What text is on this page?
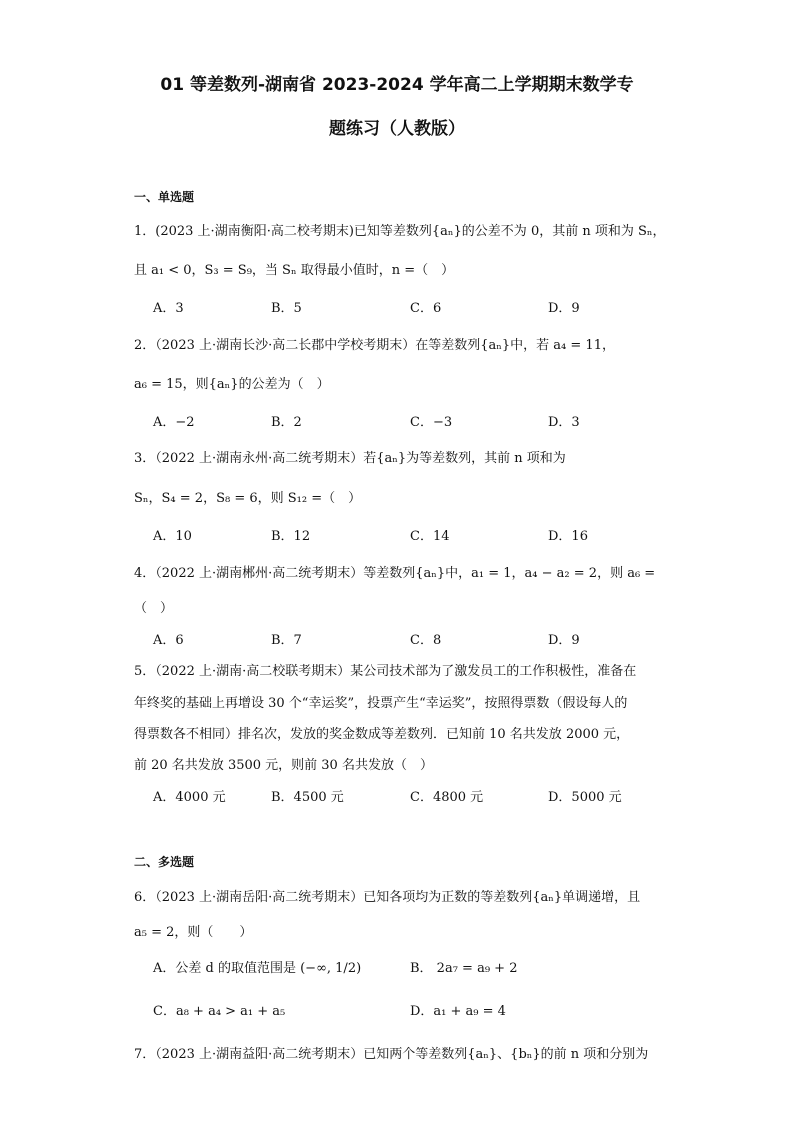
01 等差数列-湖南省 2023-2024 学年高二上学期期末数学专
题练习（人教版）
一、单选题
1．(2023 上·湖南衡阳·高二校考期末)已知等差数列{aₙ}的公差不为 0，其前 n 项和为 Sₙ，
且 a₁ < 0，S₃ = S₉，当 Sₙ 取得最小值时，n =（　）
A．3	B．5	C．6	D．9
2．（2023 上·湖南长沙·高二长郡中学校考期末）在等差数列{aₙ}中，若 a₄ = 11，
a₆ = 15，则{aₙ}的公差为（　）
A．−2	B．2	C．−3	D．3
3．（2022 上·湖南永州·高二统考期末）若{aₙ}为等差数列，其前 n 项和为
Sₙ，S₄ = 2，S₈ = 6，则 S₁₂ =（　）
A．10	B．12	C．14	D．16
4．（2022 上·湖南郴州·高二统考期末）等差数列{aₙ}中，a₁ = 1，a₄ − a₂ = 2，则 a₆ =
（　）
A．6	B．7	C．8	D．9
5．（2022 上·湖南·高二校联考期末）某公司技术部为了激发员工的工作积极性，准备在
年终奖的基础上再增设 30 个“幸运奖”，投票产生“幸运奖”，按照得票数（假设每人的
得票数各不相同）排名次，发放的奖金数成等差数列．已知前 10 名共发放 2000 元，
前 20 名共发放 3500 元，则前 30 名共发放（　）
A．4000 元	B．4500 元	C．4800 元	D．5000 元
二、多选题
6．（2023 上·湖南岳阳·高二统考期末）已知各项均为正数的等差数列{aₙ}单调递增，且
a₅ = 2，则（　　）
A．公差 d 的取值范围是 (−∞, 1/2)	B． 2a₇ = a₉ + 2
C．a₈ + a₄ > a₁ + a₅	D．a₁ + a₉ = 4
7．（2023 上·湖南益阳·高二统考期末）已知两个等差数列{aₙ}、{bₙ}的前 n 项和分别为
